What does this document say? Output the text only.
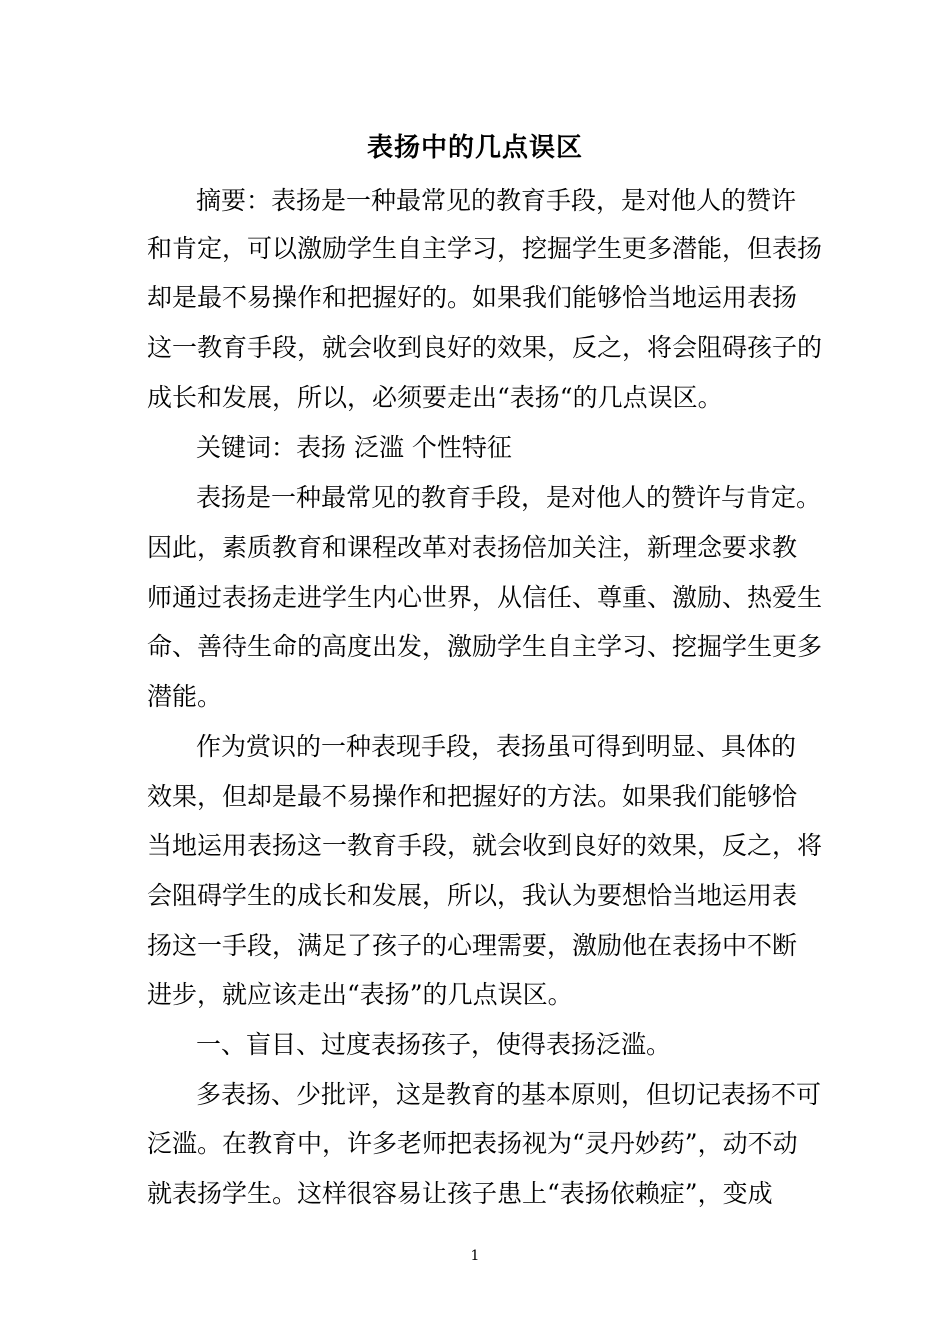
表扬中的几点误区
摘要：表扬是一种最常见的教育手段，是对他人的赞许
和肯定，可以激励学生自主学习，挖掘学生更多潜能，但表扬
却是最不易操作和把握好的。如果我们能够恰当地运用表扬
这一教育手段，就会收到良好的效果，反之，将会阻碍孩子的
成长和发展，所以，必须要走出“表扬“的几点误区。
关键词：表扬 泛滥 个性特征
表扬是一种最常见的教育手段，是对他人的赞许与肯定。
因此，素质教育和课程改革对表扬倍加关注，新理念要求教
师通过表扬走进学生内心世界，从信任、尊重、激励、热爱生
命、善待生命的高度出发，激励学生自主学习、挖掘学生更多
潜能。
作为赏识的一种表现手段，表扬虽可得到明显、具体的
效果，但却是最不易操作和把握好的方法。如果我们能够恰
当地运用表扬这一教育手段，就会收到良好的效果，反之，将
会阻碍学生的成长和发展，所以，我认为要想恰当地运用表
扬这一手段，满足了孩子的心理需要，激励他在表扬中不断
进步，就应该走出“表扬”的几点误区。
一、盲目、过度表扬孩子，使得表扬泛滥。
多表扬、少批评，这是教育的基本原则，但切记表扬不可
泛滥。在教育中，许多老师把表扬视为“灵丹妙药”，动不动
就表扬学生。这样很容易让孩子患上“表扬依赖症”，变成
1
